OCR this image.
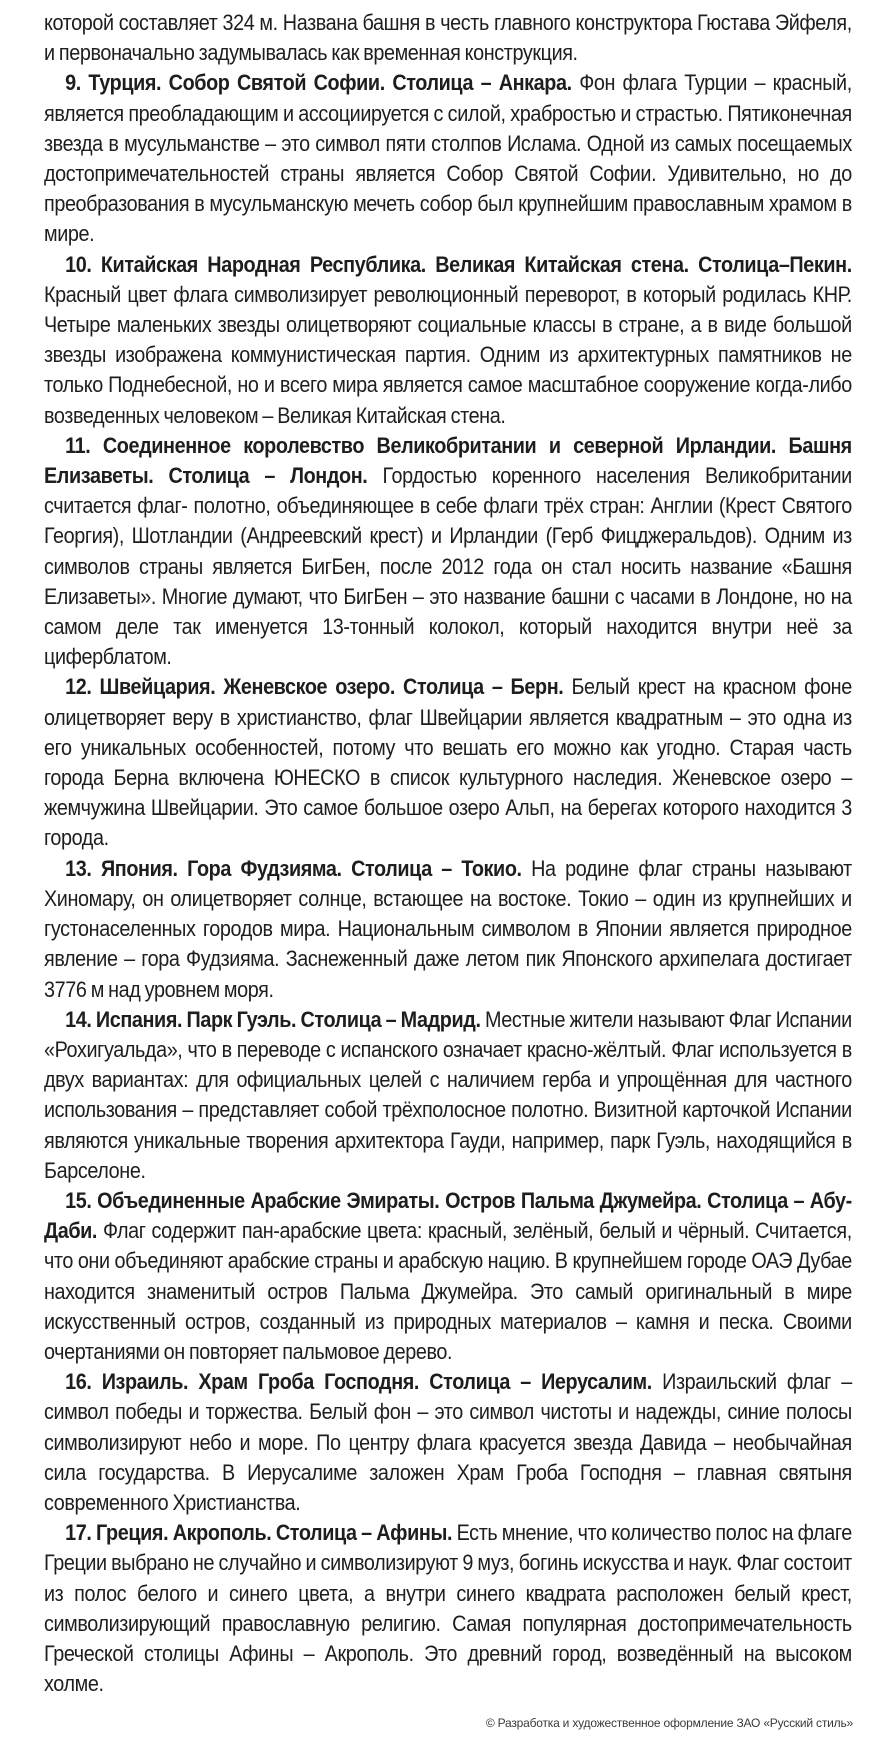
которой составляет 324 м. Названа башня в честь главного конструктора Гюстава Эйфеля, и первоначально задумывалась как временная конструкция.

9. Турция. Собор Святой Софии. Столица – Анкара. Фон флага Турции – красный, является преобладающим и ассоциируется с силой, храбростью и страстью. Пятиконечная звезда в мусульманстве – это символ пяти столпов Ислама. Одной из самых посещаемых достопримечательностей страны является Собор Святой Софии. Удивительно, но до преобразования в мусульманскую мечеть собор был крупнейшим православным храмом в мире.

10. Китайская Народная Республика. Великая Китайская стена. Столица–Пекин. Красный цвет флага символизирует революционный переворот, в который родилась КНР. Четыре маленьких звезды олицетворяют социальные классы в стране, а в виде большой звезды изображена коммунистическая партия. Одним из архитектурных памятников не только Поднебесной, но и всего мира является самое масштабное сооружение когда-либо возведенных человеком – Великая Китайская стена.

11. Соединенное королевство Великобритании и северной Ирландии. Башня Елизаветы. Столица – Лондон. Гордостью коренного населения Великобритании считается флаг- полотно, объединяющее в себе флаги трёх стран: Англии (Крест Святого Георгия), Шотландии (Андреевский крест) и Ирландии (Герб Фицджеральдов). Одним из символов страны является БигБен, после 2012 года он стал носить название «Башня Елизаветы». Многие думают, что БигБен – это название башни с часами в Лондоне, но на самом деле так именуется 13-тонный колокол, который находится внутри неё за циферблатом.

12. Швейцария. Женевское озеро. Столица – Берн. Белый крест на красном фоне олицетворяет веру в христианство, флаг Швейцарии является квадратным – это одна из его уникальных особенностей, потому что вешать его можно как угодно. Старая часть города Берна включена ЮНЕСКО в список культурного наследия. Женевское озеро – жемчужина Швейцарии. Это самое большое озеро Альп, на берегах которого находится 3 города.

13. Япония. Гора Фудзияма. Столица – Токио. На родине флаг страны называют Хиномару, он олицетворяет солнце, встающее на востоке. Токио – один из крупнейших и густонаселенных городов мира. Национальным символом в Японии является природное явление – гора Фудзияма. Заснеженный даже летом пик Японского архипелага достигает 3776 м над уровнем моря.

14. Испания. Парк Гуэль. Столица – Мадрид. Местные жители называют Флаг Испании «Рохигуальда», что в переводе с испанского означает красно-жёлтый. Флаг используется в двух вариантах: для официальных целей с наличием герба и упрощённая для частного использования – представляет собой трёхполосное полотно. Визитной карточкой Испании являются уникальные творения архитектора Гауди, например, парк Гуэль, находящийся в Барселоне.

15. Объединенные Арабские Эмираты. Остров Пальма Джумейра. Столица – Абу-Даби. Флаг содержит пан-арабские цвета: красный, зелёный, белый и чёрный. Считается, что они объединяют арабские страны и арабскую нацию. В крупнейшем городе ОАЭ Дубае находится знаменитый остров Пальма Джумейра. Это самый оригинальный в мире искусственный остров, созданный из природных материалов – камня и песка. Своими очертаниями он повторяет пальмовое дерево.

16. Израиль. Храм Гроба Господня. Столица – Иерусалим. Израильский флаг – символ победы и торжества. Белый фон – это символ чистоты и надежды, синие полосы символизируют небо и море. По центру флага красуется звезда Давида – необычайная сила государства. В Иерусалиме заложен Храм Гроба Господня – главная святыня современного Христианства.

17. Греция. Акрополь. Столица – Афины. Есть мнение, что количество полос на флаге Греции выбрано не случайно и символизируют 9 муз, богинь искусства и наук. Флаг состоит из полос белого и синего цвета, а внутри синего квадрата расположен белый крест, символизирующий православную религию. Самая популярная достопримечательность Греческой столицы Афины – Акрополь. Это древний город, возведённый на высоком холме.

© Разработка и художественное оформление ЗАО «Русский стиль»
